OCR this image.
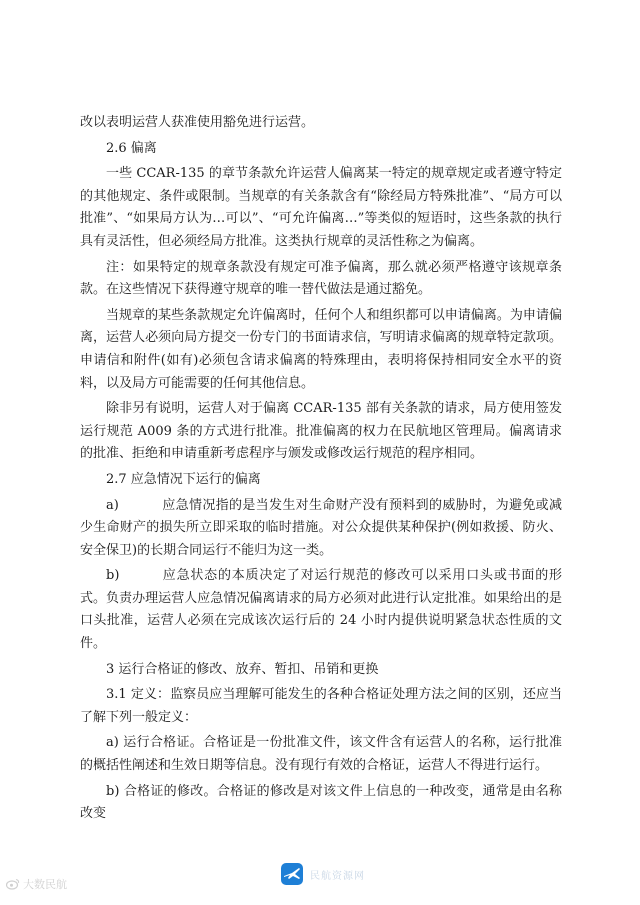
改以表明运营人获准使用豁免进行运营。

2.6 偏离

一些 CCAR-135 的章节条款允许运营人偏离某一特定的规章规定或者遵守特定的其他规定、条件或限制。当规章的有关条款含有“除经局方特殊批准”、“局方可以批准”、“如果局方认为…可以”、“可允许偏离…”等类似的短语时，这些条款的执行具有灵活性，但必须经局方批准。这类执行规章的灵活性称之为偏离。

注：如果特定的规章条款没有规定可准予偏离，那么就必须严格遵守该规章条款。在这些情况下获得遵守规章的唯一替代做法是通过豁免。

当规章的某些条款规定允许偏离时，任何个人和组织都可以申请偏离。为申请偏离，运营人必须向局方提交一份专门的书面请求信，写明请求偏离的规章特定款项。申请信和附件(如有)必须包含请求偏离的特殊理由，表明将保持相同安全水平的资料，以及局方可能需要的任何其他信息。

除非另有说明，运营人对于偏离 CCAR-135 部有关条款的请求，局方使用签发运行规范 A009 条的方式进行批准。批准偏离的权力在民航地区管理局。偏离请求的批准、拒绝和申请重新考虑程序与颁发或修改运行规范的程序相同。

2.7 应急情况下运行的偏离

a)	应急情况指的是当发生对生命财产没有预料到的威胁时，为避免或减少生命财产的损失所立即采取的临时措施。对公众提供某种保护(例如救援、防火、安全保卫)的长期合同运行不能归为这一类。

b)	应急状态的本质决定了对运行规范的修改可以采用口头或书面的形式。负责办理运营人应急情况偏离请求的局方必须对此进行认定批准。如果给出的是口头批准，运营人必须在完成该次运行后的 24 小时内提供说明紧急状态性质的文件。

3 运行合格证的修改、放弃、暂扣、吊销和更换

3.1 定义：监察员应当理解可能发生的各种合格证处理方法之间的区别，还应当了解下列一般定义：

a) 运行合格证。合格证是一份批准文件，该文件含有运营人的名称，运行批准的概括性阐述和生效日期等信息。没有现行有效的合格证，运营人不得进行运行。

b) 合格证的修改。合格证的修改是对该文件上信息的一种改变，通常是由名称改变

大数民航
民航资源网
